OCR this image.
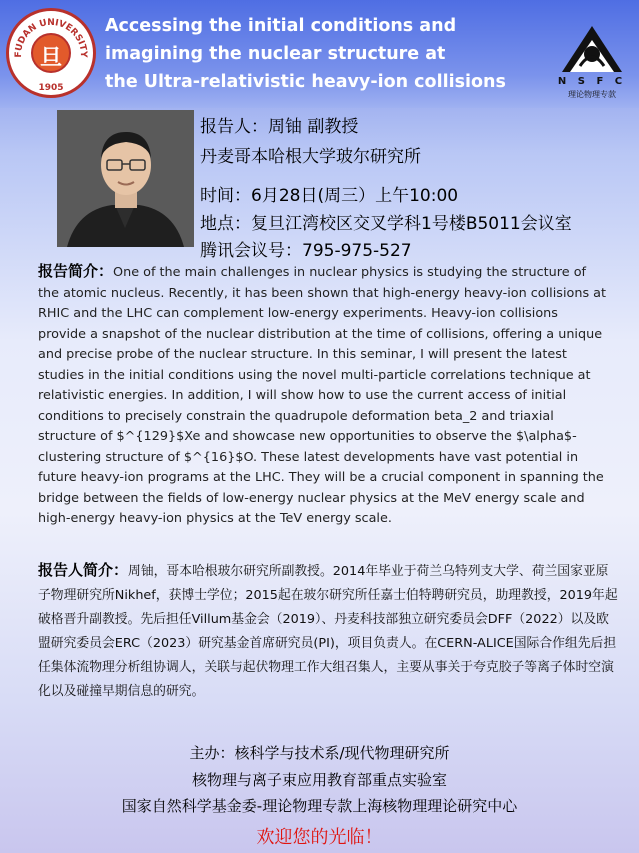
FUDAN UNIVERSITY
1905
旦
Accessing the initial conditions and
imagining the nuclear structure at
the Ultra-relativistic heavy-ion collisions	N S F C
理论物理专款
报告人：周铀 副教授
丹麦哥本哈根大学玻尔研究所
时间：6月28日(周三）上午10:00
地点：复旦江湾校区交叉学科1号楼B5011会议室
腾讯会议号：795-975-527
报告简介：One of the main challenges in nuclear physics is studying the structure of the atomic nucleus. Recently, it has been shown that high-energy heavy-ion collisions at RHIC and the LHC can complement low-energy experiments. Heavy-ion collisions provide a snapshot of the nuclear distribution at the time of collisions, offering a unique and precise probe of the nuclear structure. In this seminar, I will present the latest studies in the initial conditions using the novel multi-particle correlations technique at relativistic energies. In addition, I will show how to use the current access of initial conditions to precisely constrain the quadrupole deformation beta_2 and triaxial structure of $^{129}$Xe and showcase new opportunities to observe the $\alpha$-clustering structure of $^{16}$O. These latest developments have vast potential in future heavy-ion programs at the LHC. They will be a crucial component in spanning the bridge between the fields of low-energy nuclear physics at the MeV energy scale and high-energy heavy-ion physics at the TeV energy scale.
报告人简介：周铀，哥本哈根玻尔研究所副教授。2014年毕业于荷兰乌特列支大学、荷兰国家亚原子物理研究所Nikhef，获博士学位；2015起在玻尔研究所任嘉士伯特聘研究员，助理教授，2019年起破格晋升副教授。先后担任Villum基金会（2019）、丹麦科技部独立研究委员会DFF（2022）以及欧盟研究委员会ERC（2023）研究基金首席研究员(PI)，项目负责人。在CERN-ALICE国际合作组先后担任集体流物理分析组协调人，关联与起伏物理工作大组召集人，主要从事关于夸克胶子等离子体时空演化以及碰撞早期信息的研究。
主办：核科学与技术系/现代物理研究所
核物理与离子束应用教育部重点实验室
国家自然科学基金委-理论物理专款上海核物理理论研究中心
欢迎您的光临！
